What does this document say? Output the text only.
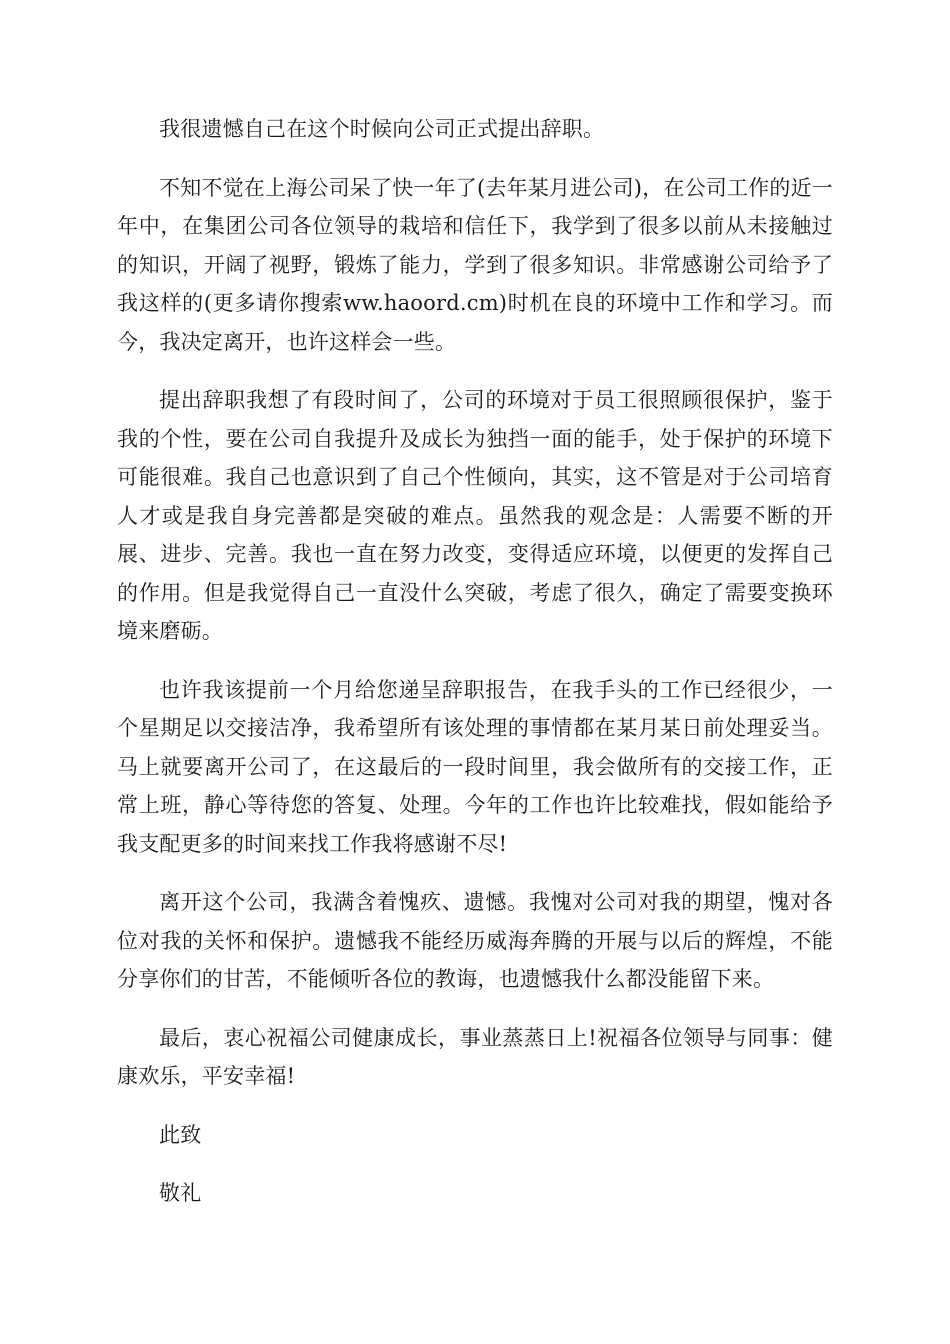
我很遗憾自己在这个时候向公司正式提出辞职。

不知不觉在上海公司呆了快一年了(去年某月进公司)，在公司工作的近一年中，在集团公司各位领导的栽培和信任下，我学到了很多以前从未接触过的知识，开阔了视野，锻炼了能力，学到了很多知识。非常感谢公司给予了我这样的(更多请你搜索ww.haoord.cm)时机在良的环境中工作和学习。而今，我决定离开，也许这样会一些。

提出辞职我想了有段时间了，公司的环境对于员工很照顾很保护，鉴于我的个性，要在公司自我提升及成长为独挡一面的能手，处于保护的环境下可能很难。我自己也意识到了自己个性倾向，其实，这不管是对于公司培育人才或是我自身完善都是突破的难点。虽然我的观念是：人需要不断的开展、进步、完善。我也一直在努力改变，变得适应环境，以便更的发挥自己的作用。但是我觉得自己一直没什么突破，考虑了很久，确定了需要变换环境来磨砺。

也许我该提前一个月给您递呈辞职报告，在我手头的工作已经很少，一个星期足以交接洁净，我希望所有该处理的事情都在某月某日前处理妥当。马上就要离开公司了，在这最后的一段时间里，我会做所有的交接工作，正常上班，静心等待您的答复、处理。今年的工作也许比较难找，假如能给予我支配更多的时间来找工作我将感谢不尽!

离开这个公司，我满含着愧疚、遗憾。我愧对公司对我的期望，愧对各位对我的关怀和保护。遗憾我不能经历威海奔腾的开展与以后的辉煌，不能分享你们的甘苦，不能倾听各位的教诲，也遗憾我什么都没能留下来。

最后，衷心祝福公司健康成长，事业蒸蒸日上!祝福各位领导与同事：健康欢乐，平安幸福!

此致

敬礼
